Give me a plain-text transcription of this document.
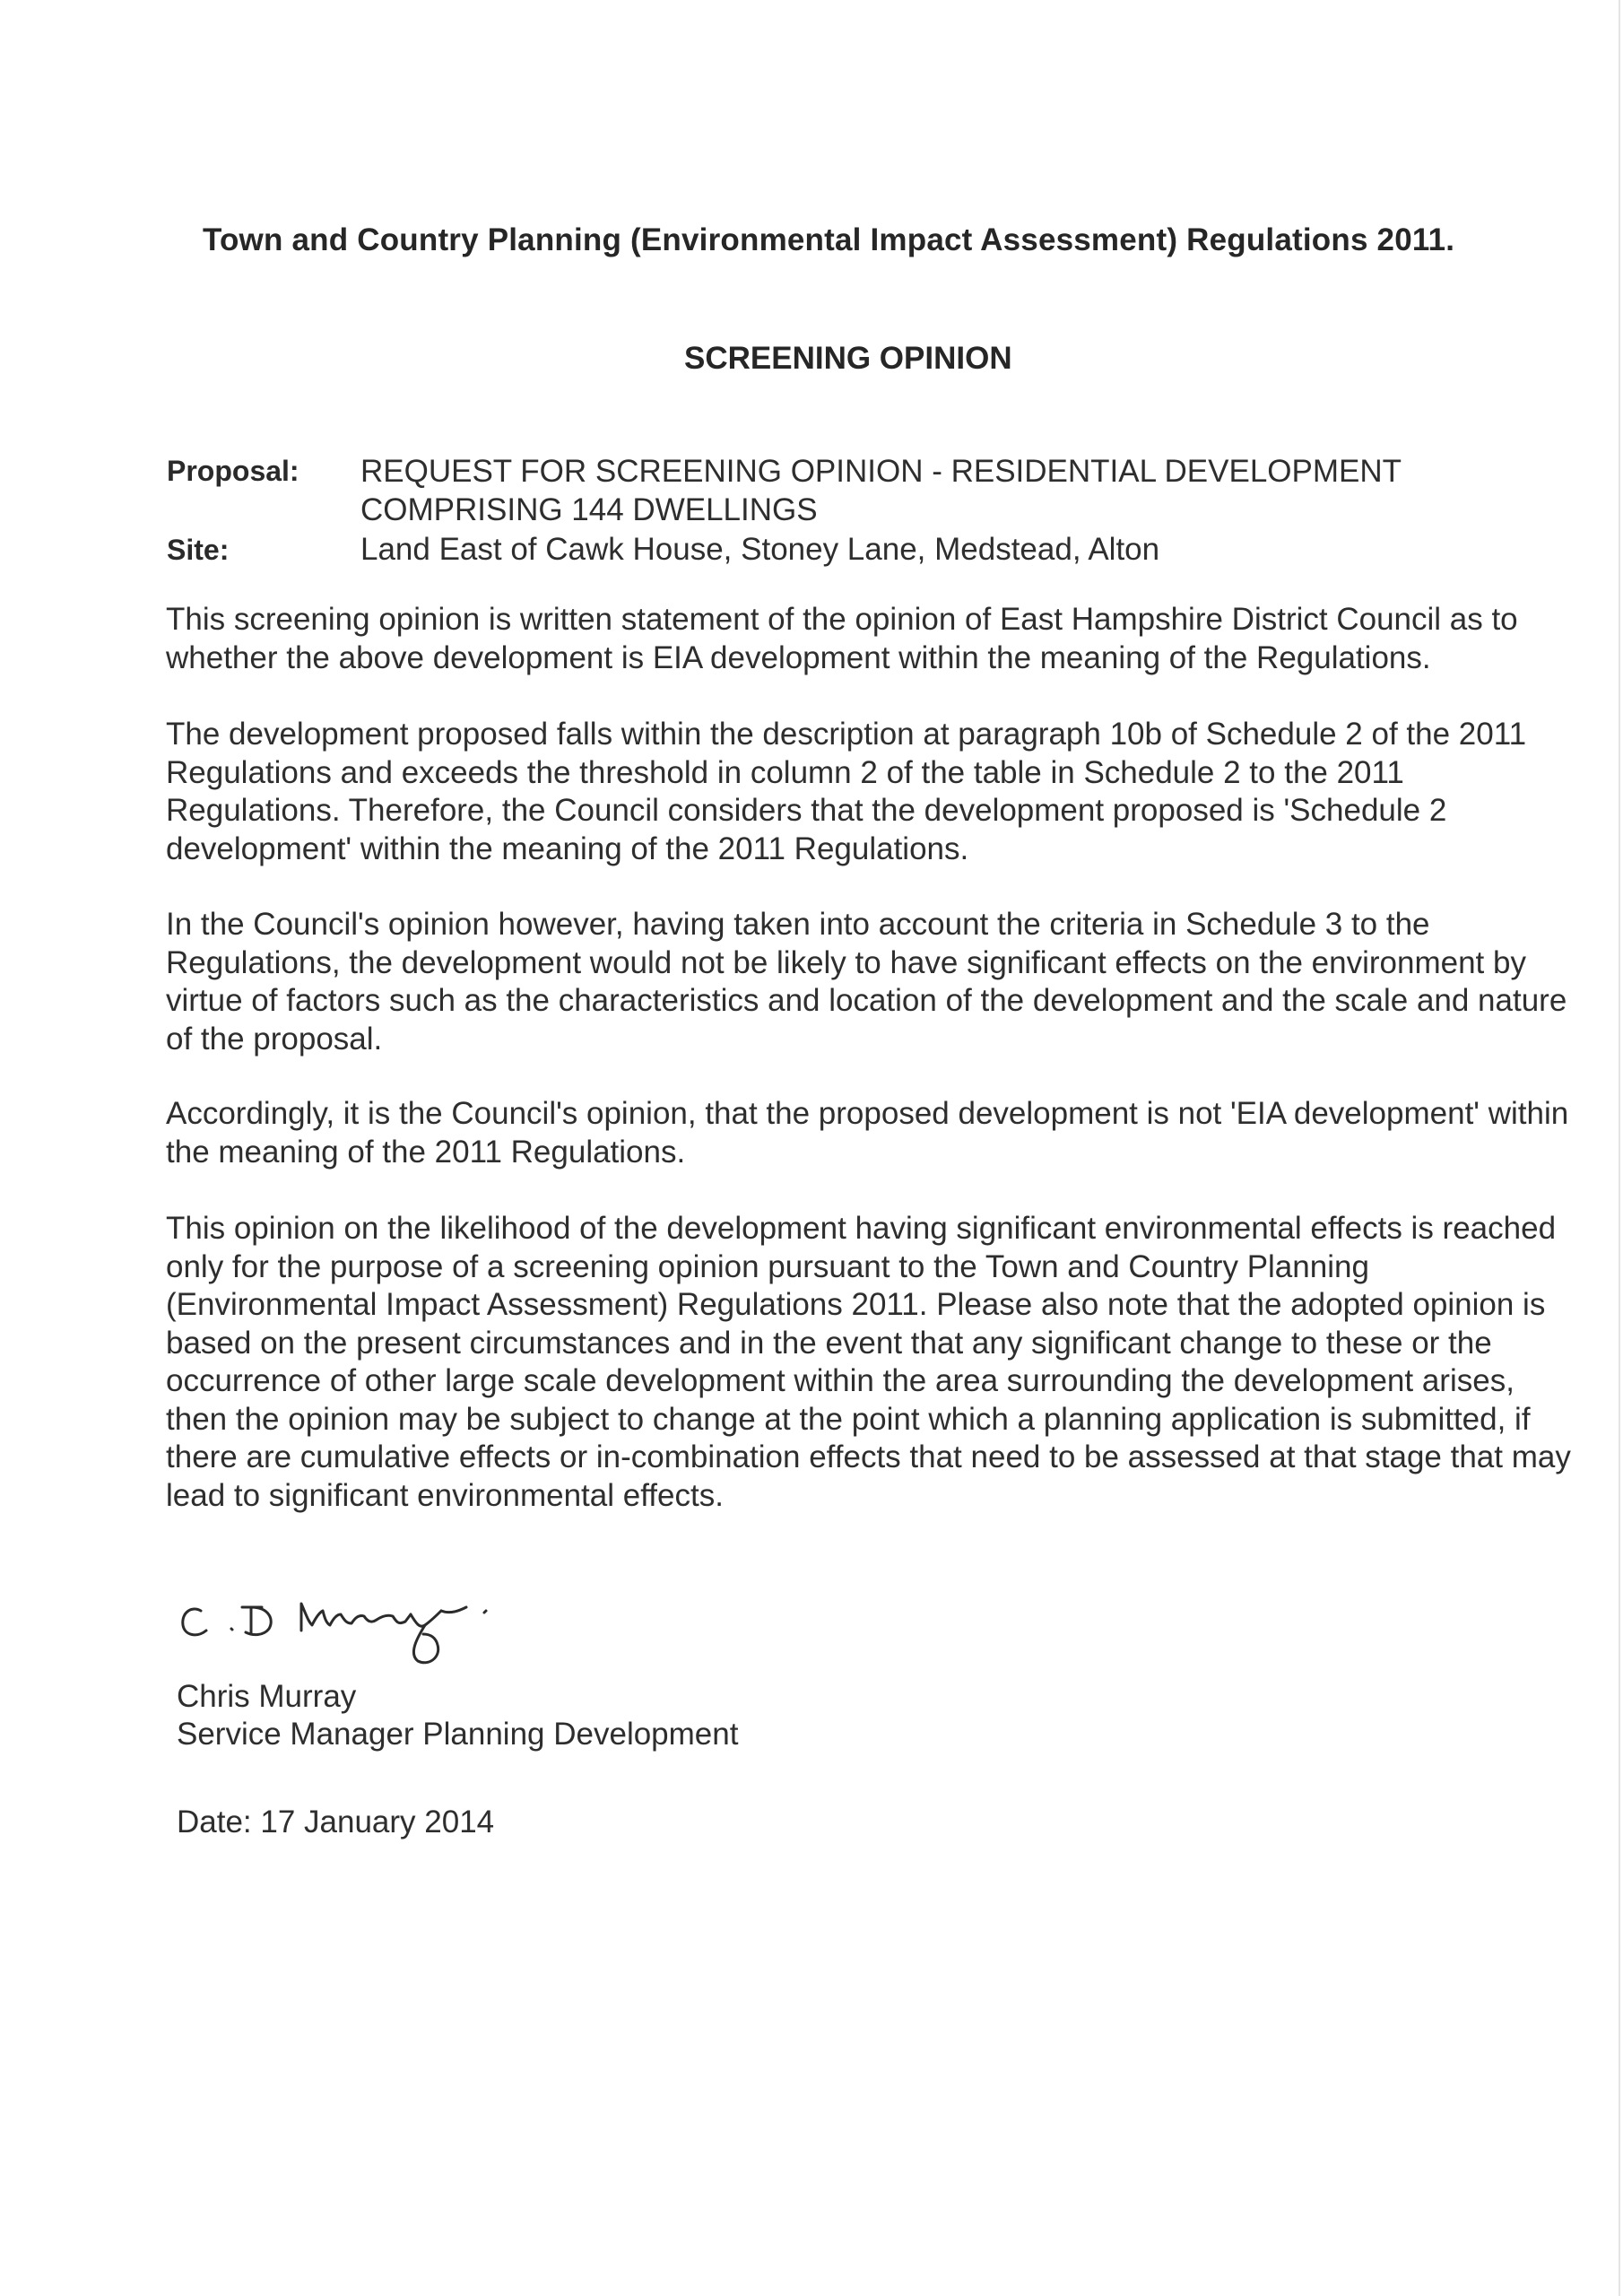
Town and Country Planning (Environmental Impact Assessment) Regulations 2011.
SCREENING OPINION
Proposal: REQUEST FOR SCREENING OPINION - RESIDENTIAL DEVELOPMENT COMPRISING 144 DWELLINGS
Site:	Land East of Cawk House, Stoney Lane, Medstead, Alton
This screening opinion is written statement of the opinion of East Hampshire District Council as to whether the above development is EIA development within the meaning of the Regulations.
The development proposed falls within the description at paragraph 10b of Schedule 2 of the 2011 Regulations and exceeds the threshold in column 2 of the table in Schedule 2 to the 2011 Regulations. Therefore, the Council considers that the development proposed is 'Schedule 2 development' within the meaning of the 2011 Regulations.
In the Council's opinion however, having taken into account the criteria in Schedule 3 to the Regulations, the development would not be likely to have significant effects on the environment by virtue of factors such as the characteristics and location of the development and the scale and nature of the proposal.
Accordingly, it is the Council's opinion, that the proposed development is not 'EIA development' within the meaning of the 2011 Regulations.
This opinion on the likelihood of the development having significant environmental effects is reached only for the purpose of a screening opinion pursuant to the Town and Country Planning (Environmental Impact Assessment) Regulations 2011. Please also note that the adopted opinion is based on the present circumstances and in the event that any significant change to these or the occurrence of other large scale development within the area surrounding the development arises, then the opinion may be subject to change at the point which a planning application is submitted, if there are cumulative effects or in-combination effects that need to be assessed at that stage that may lead to significant environmental effects.
Chris Murray
Service Manager Planning Development
Date: 17 January 2014
